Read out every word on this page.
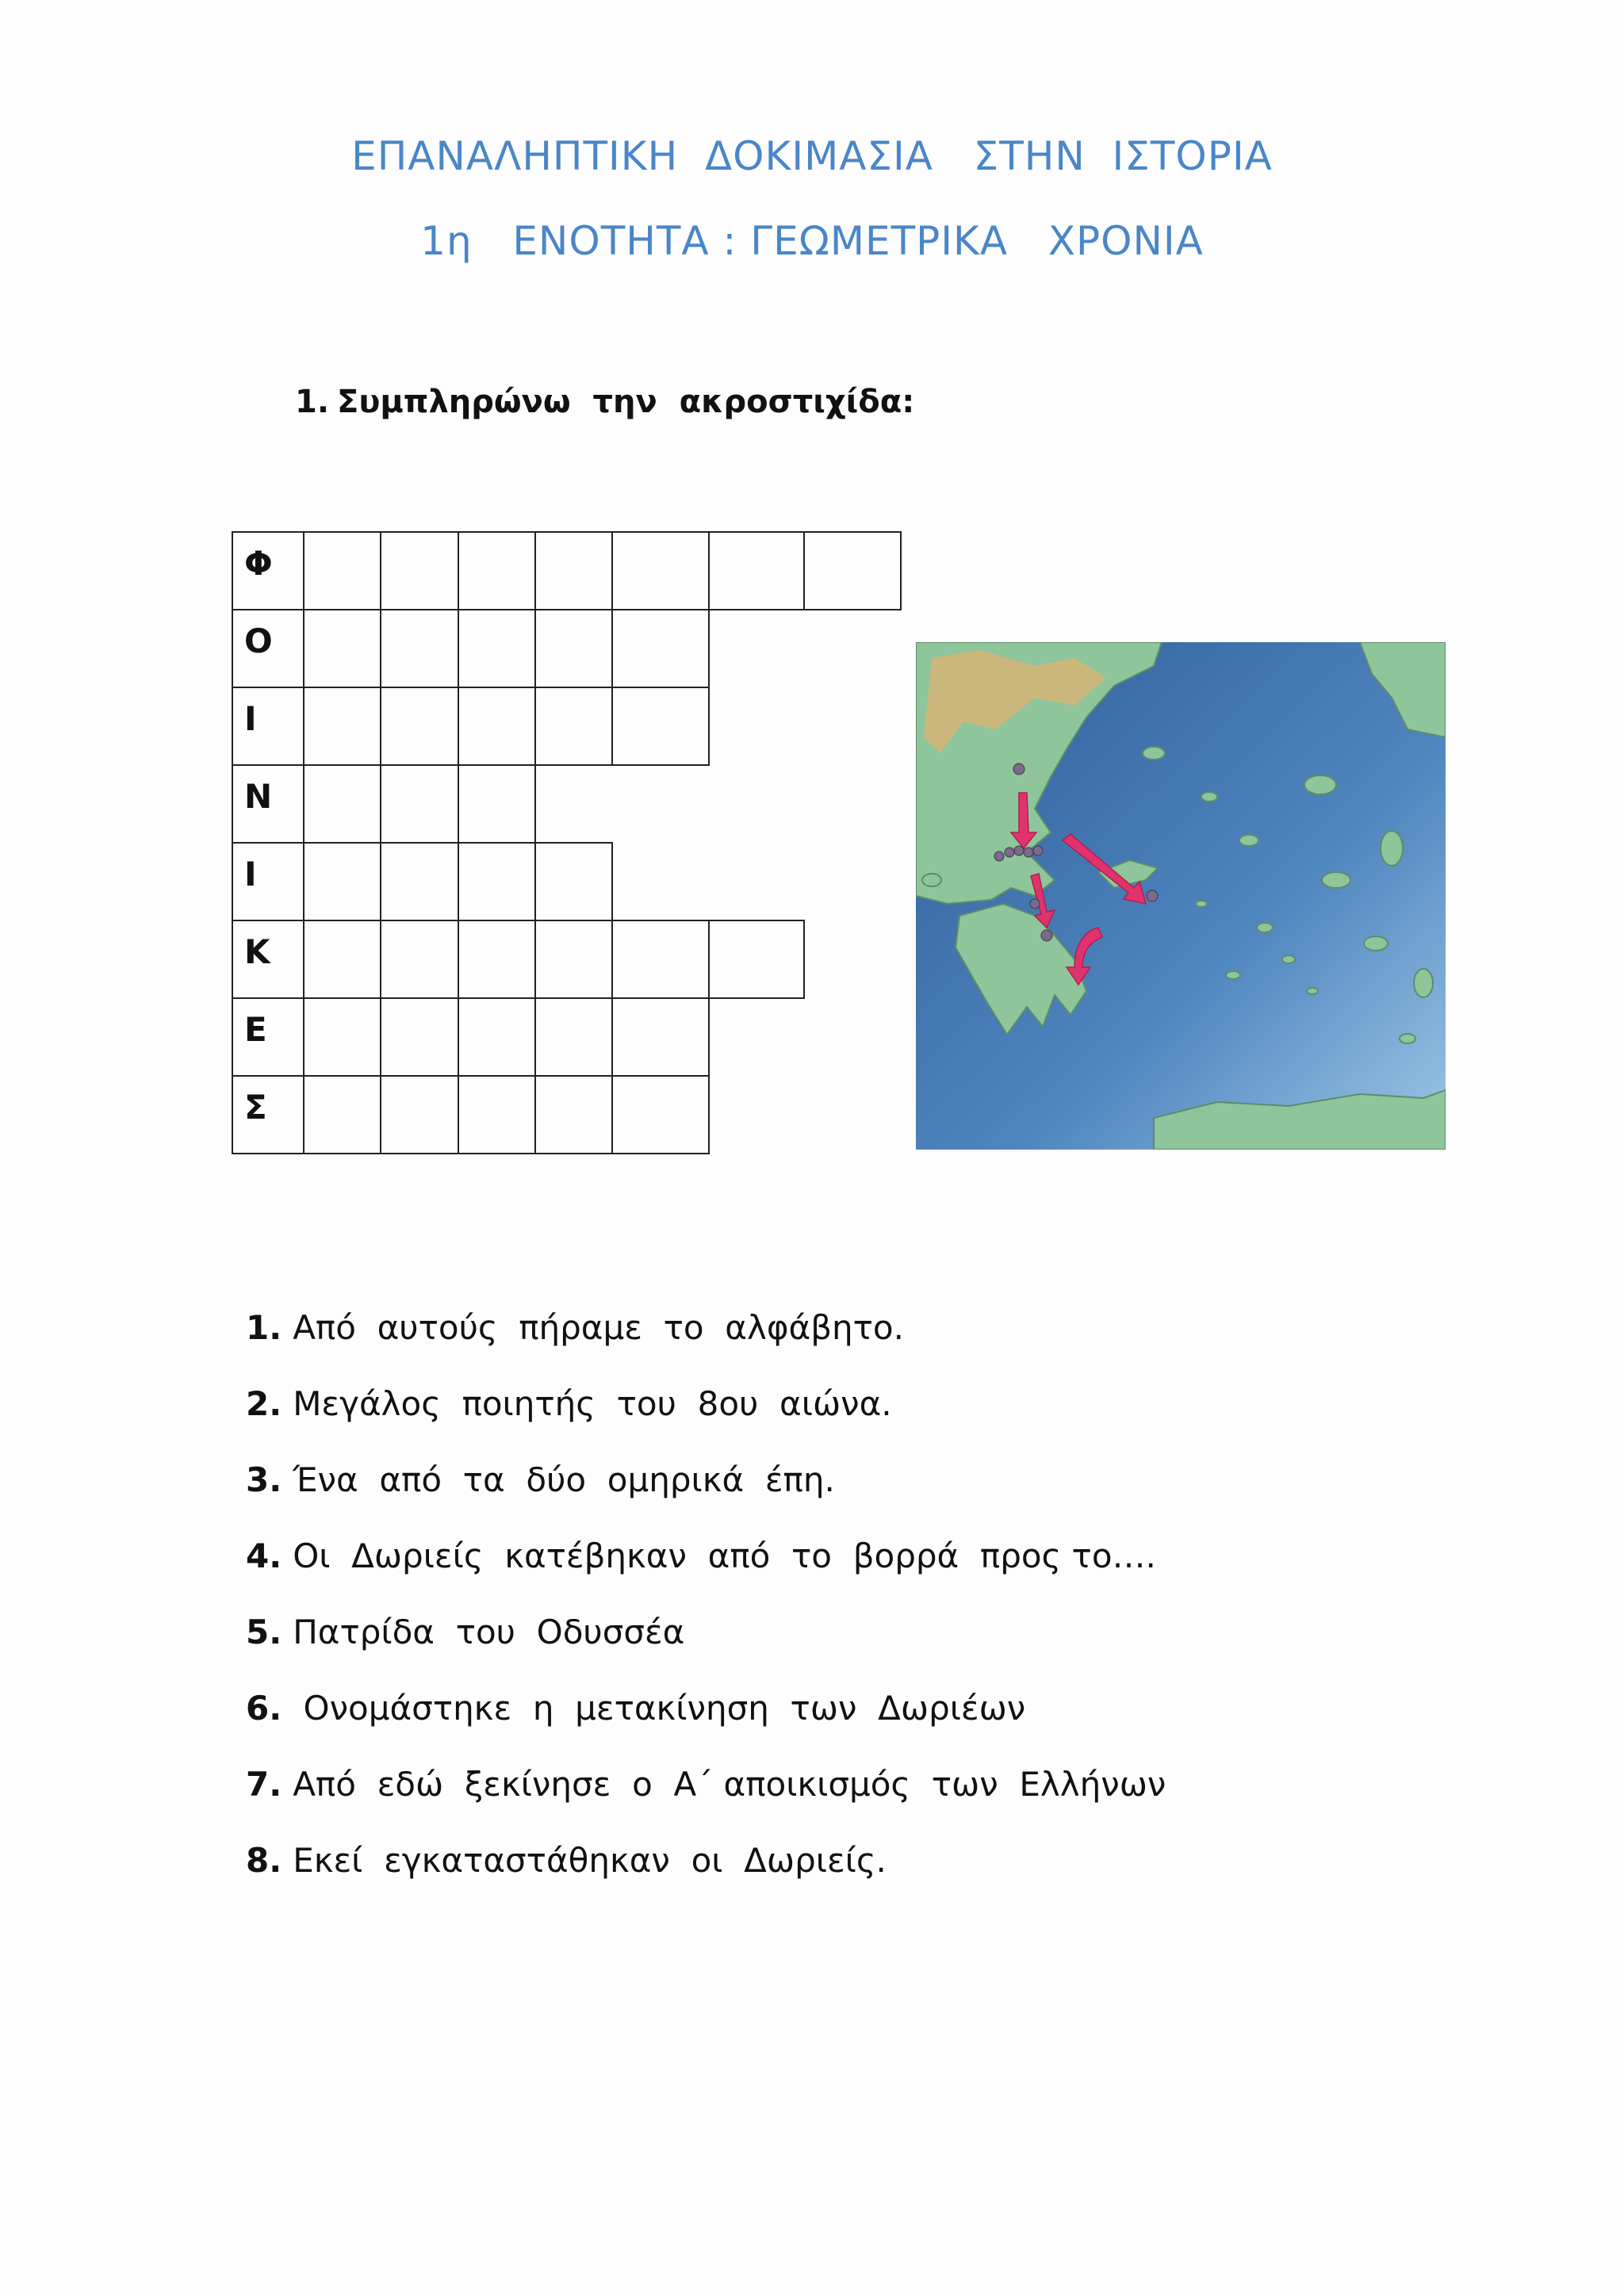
ΕΠΑΝΑΛΗΠΤΙΚΗ  ΔΟΚΙΜΑΣΙΑ   ΣΤΗΝ  ΙΣΤΟΡΙΑ
1η   ΕΝΟΤΗΤΑ : ΓΕΩΜΕΤΡΙΚΑ   ΧΡΟΝΙΑ
1. Συμπληρώνω  την  ακροστιχίδα:
Φ
Ο
Ι
Ν
Ι
Κ
Ε
Σ
1. Από  αυτούς  πήραμε  το  αλφάβητο.
2. Μεγάλος  ποιητής  του  8ου  αιώνα.
3. Ένα  από  τα  δύο  ομηρικά  έπη.
4. Οι  Δωριείς  κατέβηκαν  από  το  βορρά  προς το….
5. Πατρίδα  του  Οδυσσέα
6. Ονομάστηκε  η  μετακίνηση  των  Δωριέων
7. Από  εδώ  ξεκίνησε  ο  Α΄ αποικισμός  των  Ελλήνων
8. Εκεί  εγκαταστάθηκαν  οι  Δωριείς.
